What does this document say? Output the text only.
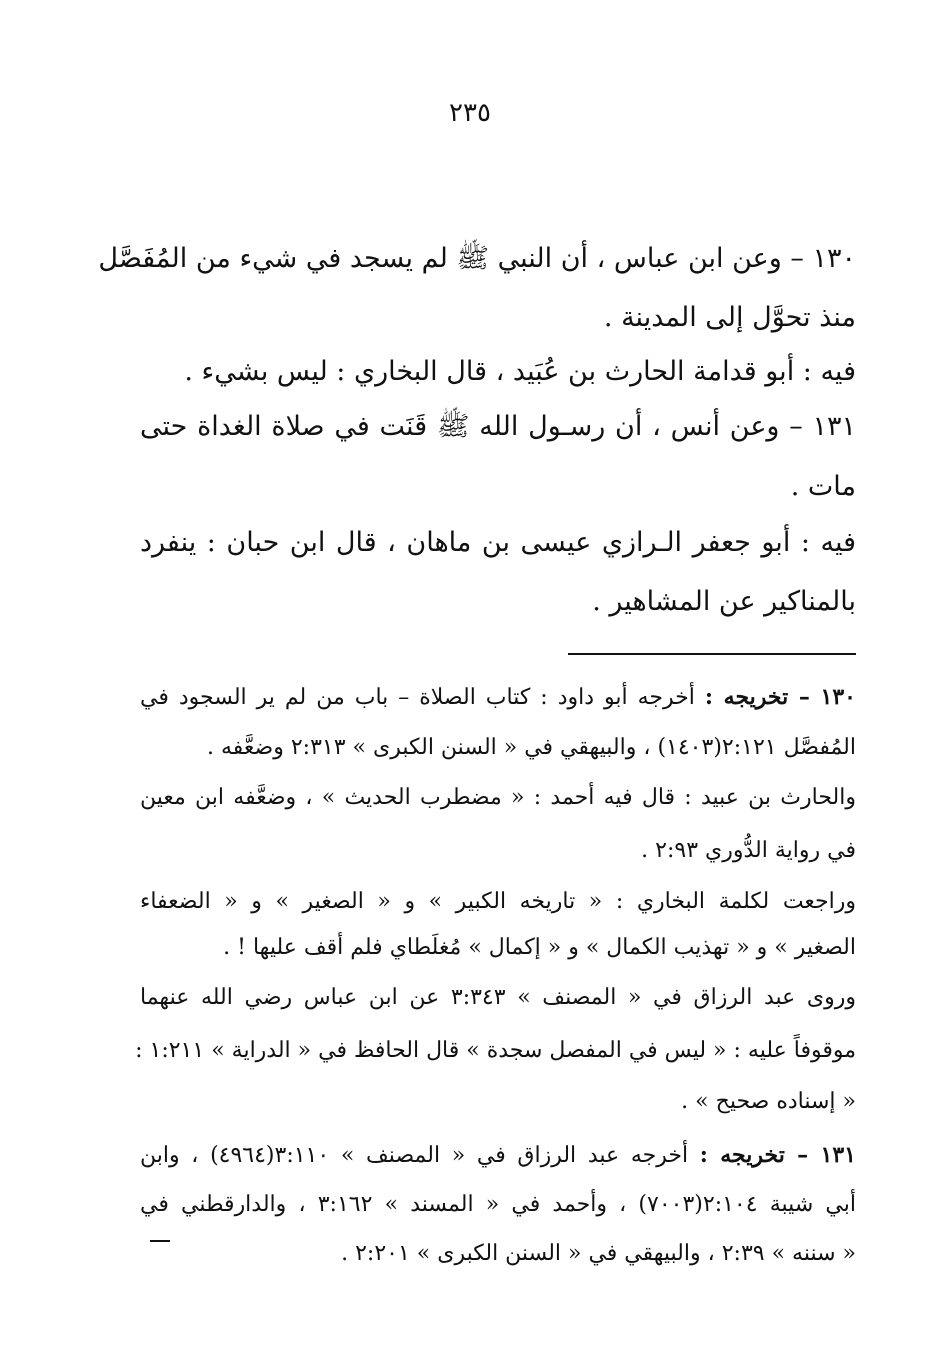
٢٣٥
١٣٠ – وعن ابن عباس ، أن النبي ﷺ لم يسجد في شيء من المُفَصَّل
منذ تحوَّل إلى المدينة .
فيه : أبو قدامة الحارث بن عُبَيد ، قال البخاري : ليس بشيء .
١٣١ – وعن أنس ، أن رسـول الله ﷺ قَنَت في صلاة الغداة حتى
مات .
فيه : أبو جعفر الـرازي عيسى بن ماهان ، قال ابن حبان : ينفرد
بالمناكير عن المشاهير .
١٣٠ – تخريجه : أخرجه أبو داود : كتاب الصلاة – باب من لم ير السجود في
المُفصَّل ٢:١٢١(١٤٠٣) ، والبيهقي في « السنن الكبرى » ٢:٣١٣ وضعَّفه .
والحارث بن عبيد : قال فيه أحمد : « مضطرب الحديث » ، وضعَّفه ابن معين
في رواية الدُّوري ٢:٩٣ .
وراجعت لكلمة البخاري : « تاريخه الكبير » و « الصغير » و « الضعفاء
الصغير » و « تهذيب الكمال » و « إكمال » مُغلَطاي فلم أقف عليها ! .
وروى عبد الرزاق في « المصنف » ٣:٣٤٣ عن ابن عباس رضي الله عنهما
موقوفاً عليه : « ليس في المفصل سجدة » قال الحافظ في « الدراية » ١:٢١١ :
« إسناده صحيح » .
١٣١ – تخريجه : أخرجه عبد الرزاق في « المصنف » ٣:١١٠(٤٩٦٤) ، وابن
أبي شيبة ٢:١٠٤(٧٠٠٣) ، وأحمد في « المسند » ٣:١٦٢ ، والدارقطني في
« سننه » ٢:٣٩ ، والبيهقي في « السنن الكبرى » ٢:٢٠١ .
